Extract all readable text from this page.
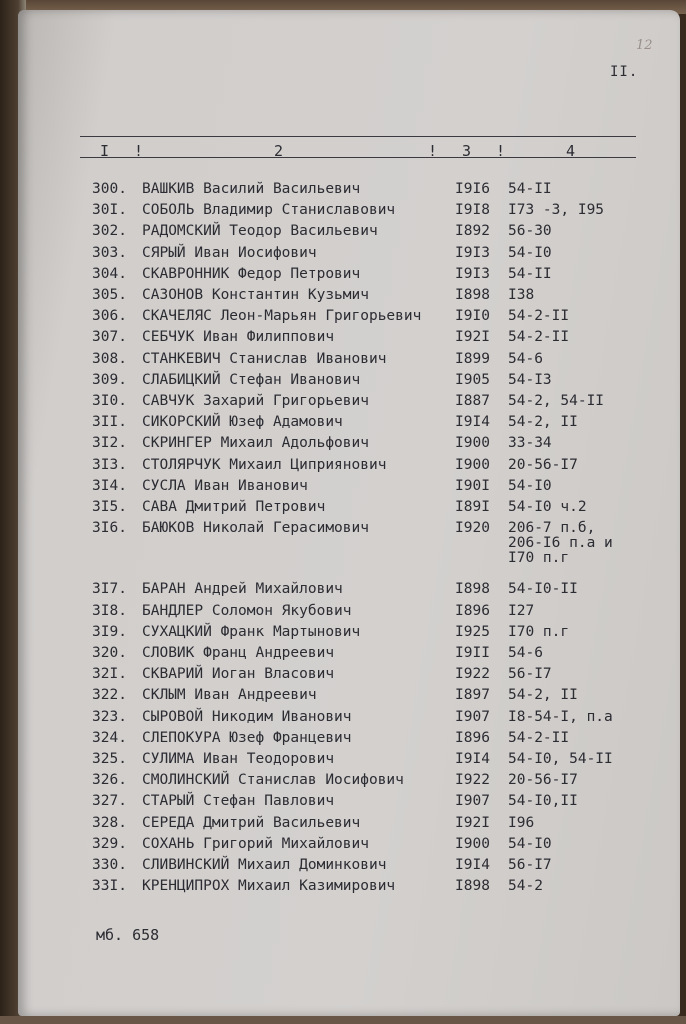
12
II.
I !	2	! 3 !	4
300.	ВАШКИВ Василий Васильевич	I9I6 54-II
30I.	СОБОЛЬ Владимир Станиславович	I9I8 I73 -3, I95
302.	РАДОМСКИЙ Теодор Васильевич	I892 56-30
303.	СЯРЫЙ Иван Иосифович	I9I3 54-I0
304.	СКАВРОННИК Федор Петрович	I9I3 54-II
305.	САЗОНОВ Константин Кузьмич	I898 I38
306.	СКАЧЕЛЯС Леон-Марьян Григорьевич I9I0 54-2-II
307.	СЕБЧУК Иван Филиппович	I92I 54-2-II
308.	СТАНКЕВИЧ Станислав Иванович	I899 54-6
309.	СЛАБИЦКИЙ Стефан Иванович	I905 54-I3
3I0.	САВЧУК Захарий Григорьевич	I887 54-2, 54-II
3II.	СИКОРСКИЙ Юзеф Адамович	I9I4 54-2, II
3I2.	СКРИНГЕР Михаил Адольфович	I900 33-34
3I3.	СТОЛЯРЧУК Михаил Циприянович	I900 20-56-I7
3I4.	СУСЛА Иван Иванович	I90I 54-I0
3I5.	САВА Дмитрий Петрович	I89I 54-I0 ч.2
3I6.	БАЮКОВ Николай Герасимович	I920 206-7 п.б,
206-I6 п.а и
I70 п.г
3I7.	БАРАН Андрей Михайлович	I898 54-I0-II
3I8.	БАНДЛЕР Соломон Якубович	I896 I27
3I9.	СУХАЦКИЙ Франк Мартынович	I925 I70 п.г
320.	СЛОВИК Франц Андреевич	I9II 54-6
32I.	СКВАРИЙ Иоган Власович	I922 56-I7
322.	СКЛЫМ Иван Андреевич	I897 54-2, II
323.	СЫРОВОЙ Никодим Иванович	I907 I8-54-I, п.а
324.	СЛЕПОКУРА Юзеф Францевич	I896 54-2-II
325.	СУЛИМА Иван Теодорович	I9I4 54-I0, 54-II
326.	СМОЛИНСКИЙ Станислав Иосифович	I922 20-56-I7
327.	СТАРЫЙ Стефан Павлович	I907 54-I0,II
328.	СЕРЕДА Дмитрий Васильевич	I92I I96
329.	СОХАНЬ Григорий Михайлович	I900 54-I0
330.	СЛИВИНСКИЙ Михаил Доминкович	I9I4 56-I7
33I.	КРЕНЦИПРОХ Михаил Казимирович	I898 54-2
мб. 658
